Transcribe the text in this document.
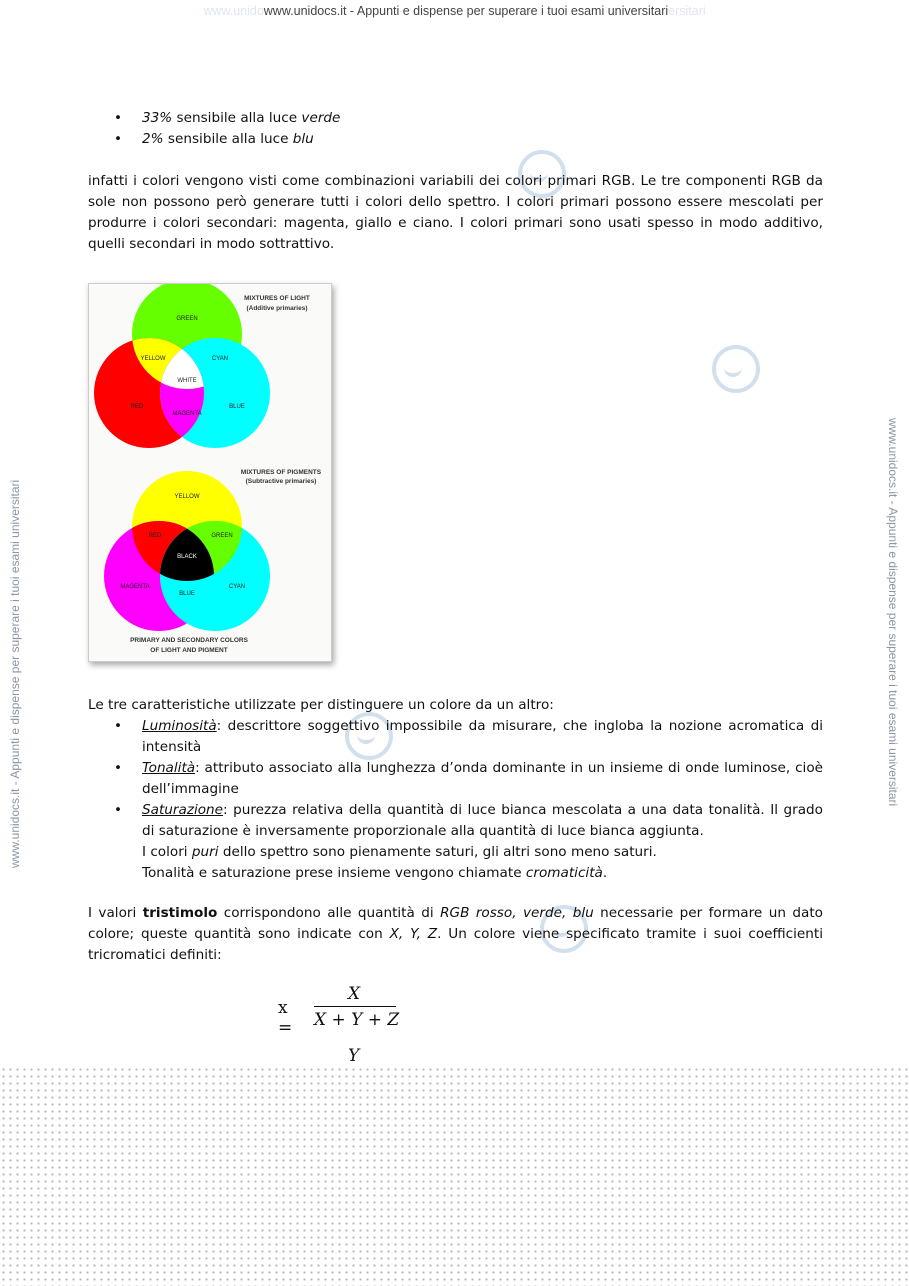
www.unidowww.unidocs.it - Appunti e dispense per superare i tuoi esami universitariersitari
www.unidocs.it - Appunti e dispense per superare i tuoi esami universitari	www.unidocs.it - Appunti e dispense per superare i tuoi esami universitari
• 33% sensibile alla luce verde
• 2% sensibile alla luce blu
infatti i colori vengono visti come combinazioni variabili dei colori primari RGB. Le tre componenti RGB da sole non possono però generare tutti i colori dello spettro. I colori primari possono essere mescolati per produrre i colori secondari: magenta, giallo e ciano. I colori primari sono usati spesso in modo additivo, quelli secondari in modo sottrattivo.
GREEN
YELLOW	CYAN
WHITE
RED
MAGENTA
BLUE
MIXTURES OF LIGHT
(Additive primaries)
YELLOW
RED	GREEN
BLACK
MAGENTA	CYAN
BLUE
MIXTURES OF PIGMENTS
(Subtractive primaries)
PRIMARY AND SECONDARY COLORS
OF LIGHT AND PIGMENT
Le tre caratteristiche utilizzate per distinguere un colore da un altro:
• Luminosità: descrittore soggettivo impossibile da misurare, che ingloba la nozione acromatica di intensità
• Tonalità: attributo associato alla lunghezza d’onda dominante in un insieme di onde luminose, cioè dell’immagine
• Saturazione: purezza relativa della quantità di luce bianca mescolata a una data tonalità. Il grado di saturazione è inversamente proporzionale alla quantità di luce bianca aggiunta.
I colori puri dello spettro sono pienamente saturi, gli altri sono meno saturi.
Tonalità e saturazione prese insieme vengono chiamate cromaticità.
I valori tristimolo corrispondono alle quantità di RGB rosso, verde, blu necessarie per formare un dato colore; queste quantità sono indicate con X, Y, Z. Un colore viene specificato tramite i suoi coefficienti tricromatici definiti:
x =
X
X + Y + Z
Y
